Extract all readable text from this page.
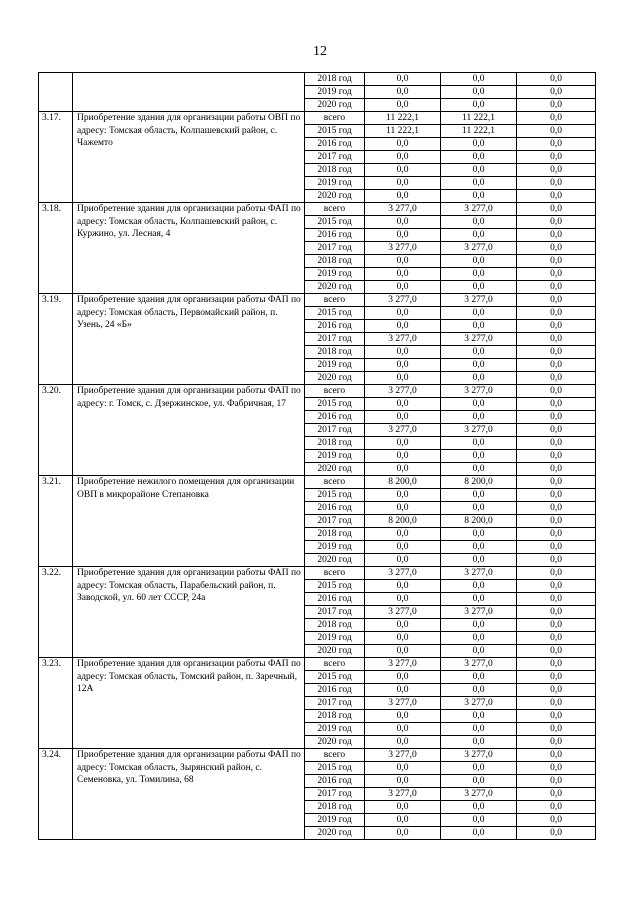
12
		2018 год	0,0	0,0	0,0
		2019 год	0,0	0,0	0,0
		2020 год	0,0	0,0	0,0
3.17.	Приобретение здания для организации работы ОВП по адресу: Томская область, Колпашевский район, с. Чажемто	всего	11 222,1	11 222,1	0,0
		2015 год	11 222,1	11 222,1	0,0
		2016 год	0,0	0,0	0,0
		2017 год	0,0	0,0	0,0
		2018 год	0,0	0,0	0,0
		2019 год	0,0	0,0	0,0
		2020 год	0,0	0,0	0,0
3.18.	Приобретение здания для организации работы ФАП по адресу: Томская область, Колпашевский район, с. Куржино, ул. Лесная, 4	всего	3 277,0	3 277,0	0,0
		2015 год	0,0	0,0	0,0
		2016 год	0,0	0,0	0,0
		2017 год	3 277,0	3 277,0	0,0
		2018 год	0,0	0,0	0,0
		2019 год	0,0	0,0	0,0
		2020 год	0,0	0,0	0,0
3.19.	Приобретение здания для организации работы ФАП по адресу: Томская область, Первомайский район, п. Узень, 24 «Б»	всего	3 277,0	3 277,0	0,0
		2015 год	0,0	0,0	0,0
		2016 год	0,0	0,0	0,0
		2017 год	3 277,0	3 277,0	0,0
		2018 год	0,0	0,0	0,0
		2019 год	0,0	0,0	0,0
		2020 год	0,0	0,0	0,0
3.20.	Приобретение здания для организации работы ФАП по адресу: г. Томск, с. Дзержинское, ул. Фабричная, 17	всего	3 277,0	3 277,0	0,0
		2015 год	0,0	0,0	0,0
		2016 год	0,0	0,0	0,0
		2017 год	3 277,0	3 277,0	0,0
		2018 год	0,0	0,0	0,0
		2019 год	0,0	0,0	0,0
		2020 год	0,0	0,0	0,0
3.21.	Приобретение нежилого помещения для организации ОВП в микрорайоне Степановка	всего	8 200,0	8 200,0	0,0
		2015 год	0,0	0,0	0,0
		2016 год	0,0	0,0	0,0
		2017 год	8 200,0	8 200,0	0,0
		2018 год	0,0	0,0	0,0
		2019 год	0,0	0,0	0,0
		2020 год	0,0	0,0	0,0
3.22.	Приобретение здания для организации работы ФАП по адресу: Томская область, Парабельский район, п. Заводской, ул. 60 лет СССР, 24а	всего	3 277,0	3 277,0	0,0
		2015 год	0,0	0,0	0,0
		2016 год	0,0	0,0	0,0
		2017 год	3 277,0	3 277,0	0,0
		2018 год	0,0	0,0	0,0
		2019 год	0,0	0,0	0,0
		2020 год	0,0	0,0	0,0
3.23.	Приобретение здания для организации работы ФАП по адресу: Томская область, Томский район, п. Заречный, 12А	всего	3 277,0	3 277,0	0,0
		2015 год	0,0	0,0	0,0
		2016 год	0,0	0,0	0,0
		2017 год	3 277,0	3 277,0	0,0
		2018 год	0,0	0,0	0,0
		2019 год	0,0	0,0	0,0
		2020 год	0,0	0,0	0,0
3.24.	Приобретение здания для организации работы ФАП по адресу: Томская область, Зырянский район, с. Семеновка, ул. Томилина, 68	всего	3 277,0	3 277,0	0,0
		2015 год	0,0	0,0	0,0
		2016 год	0,0	0,0	0,0
		2017 год	3 277,0	3 277,0	0,0
		2018 год	0,0	0,0	0,0
		2019 год	0,0	0,0	0,0
		2020 год	0,0	0,0	0,0
